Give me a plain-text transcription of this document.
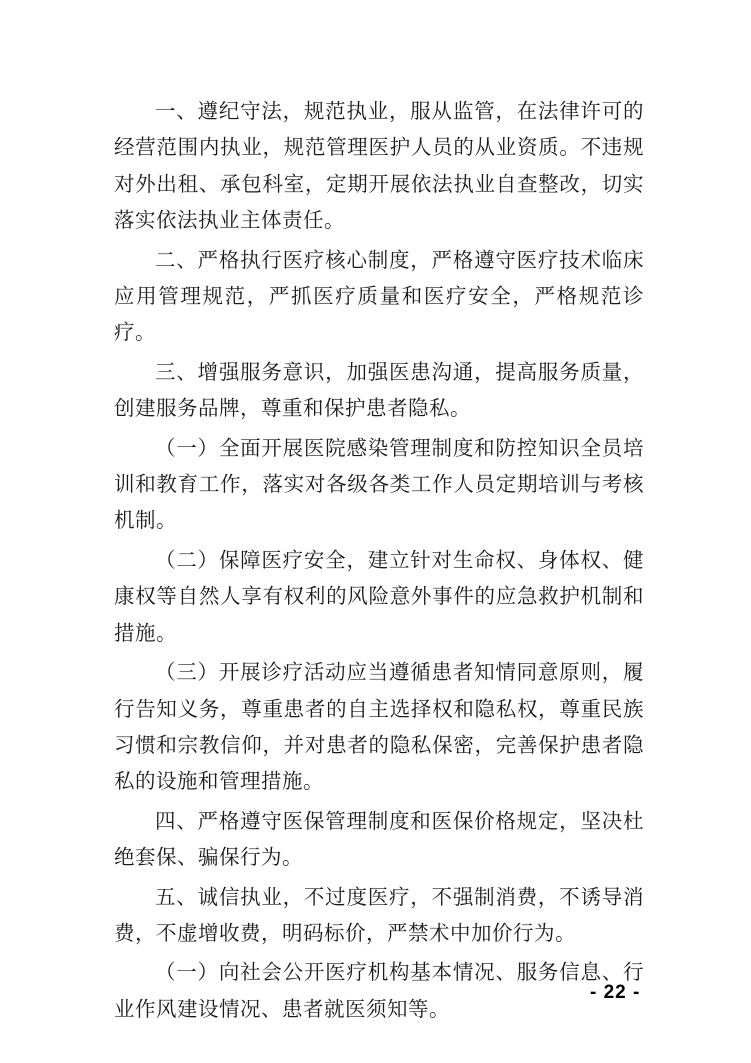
一、遵纪守法，规范执业，服从监管，在法律许可的经营范围内执业，规范管理医护人员的从业资质。不违规对外出租、承包科室，定期开展依法执业自查整改，切实落实依法执业主体责任。

二、严格执行医疗核心制度，严格遵守医疗技术临床应用管理规范，严抓医疗质量和医疗安全，严格规范诊疗。

三、增强服务意识，加强医患沟通，提高服务质量，创建服务品牌，尊重和保护患者隐私。

（一）全面开展医院感染管理制度和防控知识全员培训和教育工作，落实对各级各类工作人员定期培训与考核机制。

（二）保障医疗安全，建立针对生命权、身体权、健康权等自然人享有权利的风险意外事件的应急救护机制和措施。

（三）开展诊疗活动应当遵循患者知情同意原则，履行告知义务，尊重患者的自主选择权和隐私权，尊重民族习惯和宗教信仰，并对患者的隐私保密，完善保护患者隐私的设施和管理措施。

四、严格遵守医保管理制度和医保价格规定，坚决杜绝套保、骗保行为。

五、诚信执业，不过度医疗，不强制消费，不诱导消费，不虚增收费，明码标价，严禁术中加价行为。

（一）向社会公开医疗机构基本情况、服务信息、行业作风建设情况、患者就医须知等。

- 22 -
